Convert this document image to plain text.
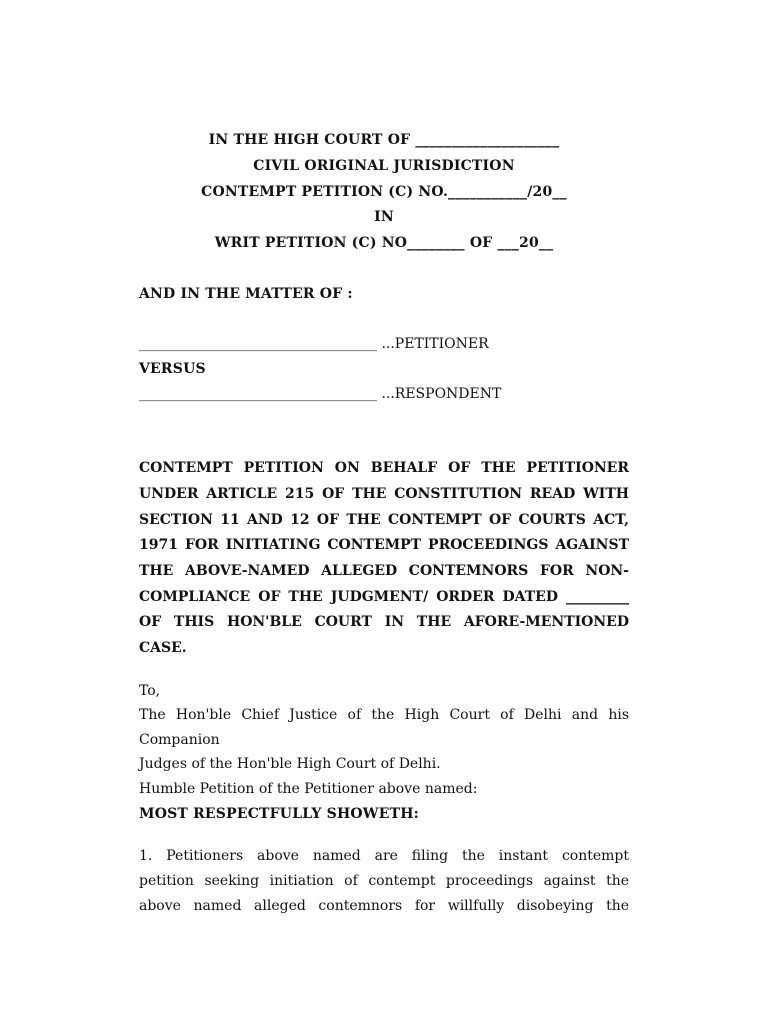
IN THE HIGH COURT OF ____________________
CIVIL ORIGINAL JURISDICTION
CONTEMPT PETITION (C) NO.___________/20__
IN
WRIT PETITION (C) NO________ OF ___20__
AND IN THE MATTER OF :
__________________________________ ...PETITIONER
VERSUS
__________________________________ ...RESPONDENT
CONTEMPT PETITION ON BEHALF OF THE PETITIONER
UNDER ARTICLE 215 OF THE CONSTITUTION READ WITH
SECTION 11 AND 12 OF THE CONTEMPT OF COURTS ACT,
1971 FOR INITIATING CONTEMPT PROCEEDINGS AGAINST
THE ABOVE-NAMED ALLEGED CONTEMNORS FOR NON-
COMPLIANCE OF THE JUDGMENT/ ORDER DATED _________
OF THIS HON'BLE COURT IN THE AFORE-MENTIONED
CASE.
To,
The Hon'ble Chief Justice of the High Court of Delhi and his
Companion
Judges of the Hon'ble High Court of Delhi.
Humble Petition of the Petitioner above named:
MOST RESPECTFULLY SHOWETH:
1. Petitioners above named are filing the instant contempt
petition seeking initiation of contempt proceedings against the
above named alleged contemnors for willfully disobeying the
